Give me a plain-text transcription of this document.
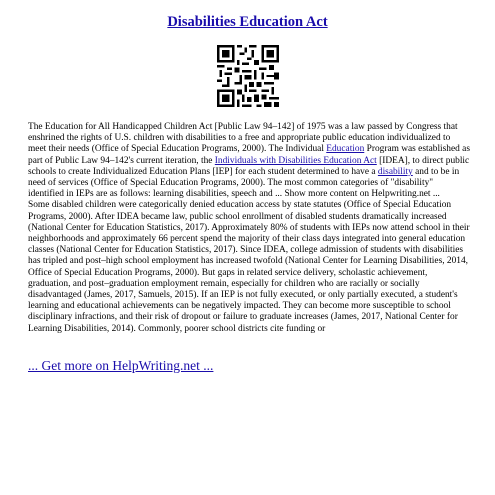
Disabilities Education Act

The Education for All Handicapped Children Act [Public Law 94–142] of 1975 was a law passed by Congress that enshrined the rights of U.S. children with disabilities to a free and appropriate public education individualized to meet their needs (Office of Special Education Programs, 2000). The Individual Education Program was established as part of Public Law 94–142's current iteration, the Individuals with Disabilities Education Act [IDEA], to direct public schools to create Individualized Education Plans [IEP] for each student determined to have a disability and to be in need of services (Office of Special Education Programs, 2000). The most common categories of "disability" identified in IEPs are as follows: learning disabilities, speech and ... Show more content on Helpwriting.net ...

Some disabled children were categorically denied education access by state statutes (Office of Special Education Programs, 2000). After IDEA became law, public school enrollment of disabled students dramatically increased (National Center for Education Statistics, 2017). Approximately 80% of students with IEPs now attend school in their neighborhoods and approximately 66 percent spend the majority of their class days integrated into general education classes (National Center for Education Statistics, 2017). Since IDEA, college admission of students with disabilities has tripled and post–high school employment has increased twofold (National Center for Learning Disabilities, 2014, Office of Special Education Programs, 2000). But gaps in related service delivery, scholastic achievement, graduation, and post–graduation employment remain, especially for children who are racially or socially disadvantaged (James, 2017, Samuels, 2015). If an IEP is not fully executed, or only partially executed, a student's learning and educational achievements can be negatively impacted. They can become more susceptible to school disciplinary infractions, and their risk of dropout or failure to graduate increases (James, 2017, National Center for Learning Disabilities, 2014). Commonly, poorer school districts cite funding or

... Get more on HelpWriting.net ...
